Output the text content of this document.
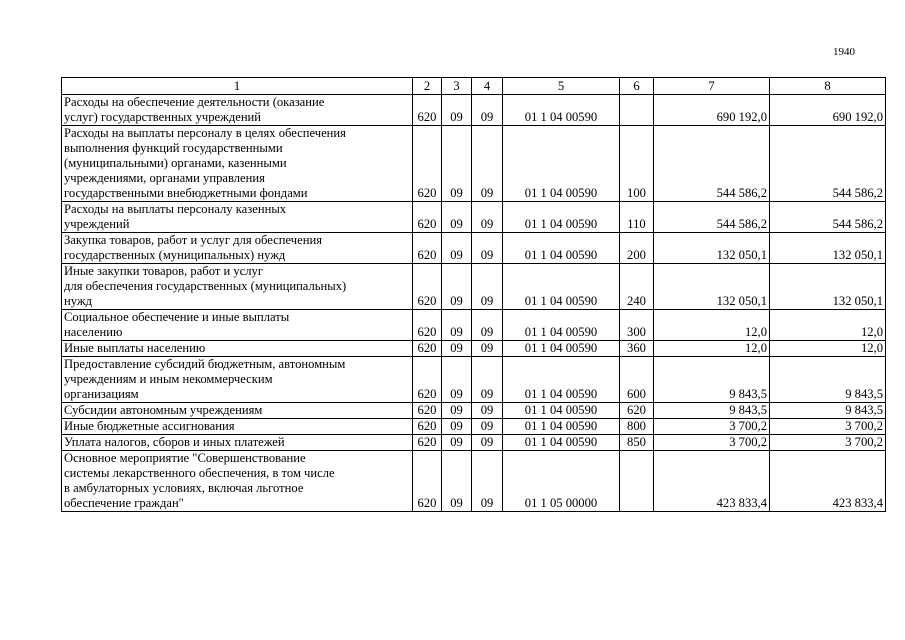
1940
1	2	3	4	5	6	7	8
Расходы на обеспечение деятельности (оказание
услуг) государственных учреждений	620	09	09	01 1 04 00590		690 192,0	690 192,0
Расходы на выплаты персоналу в целях обеспечения
выполнения функций государственными
(муниципальными) органами, казенными
учреждениями, органами управления
государственными внебюджетными фондами	620	09	09	01 1 04 00590	100	544 586,2	544 586,2
Расходы на выплаты персоналу казенных
учреждений	620	09	09	01 1 04 00590	110	544 586,2	544 586,2
Закупка товаров, работ и услуг для обеспечения
государственных (муниципальных) нужд	620	09	09	01 1 04 00590	200	132 050,1	132 050,1
Иные закупки товаров, работ и услуг
для обеспечения государственных (муниципальных)
нужд	620	09	09	01 1 04 00590	240	132 050,1	132 050,1
Социальное обеспечение и иные выплаты
населению	620	09	09	01 1 04 00590	300	12,0	12,0
Иные выплаты населению	620	09	09	01 1 04 00590	360	12,0	12,0
Предоставление субсидий бюджетным, автономным
учреждениям и иным некоммерческим
организациям	620	09	09	01 1 04 00590	600	9 843,5	9 843,5
Субсидии автономным учреждениям	620	09	09	01 1 04 00590	620	9 843,5	9 843,5
Иные бюджетные ассигнования	620	09	09	01 1 04 00590	800	3 700,2	3 700,2
Уплата налогов, сборов и иных платежей	620	09	09	01 1 04 00590	850	3 700,2	3 700,2
Основное мероприятие "Совершенствование
системы лекарственного обеспечения, в том числе
в амбулаторных условиях, включая льготное
обеспечение граждан"	620	09	09	01 1 05 00000		423 833,4	423 833,4
